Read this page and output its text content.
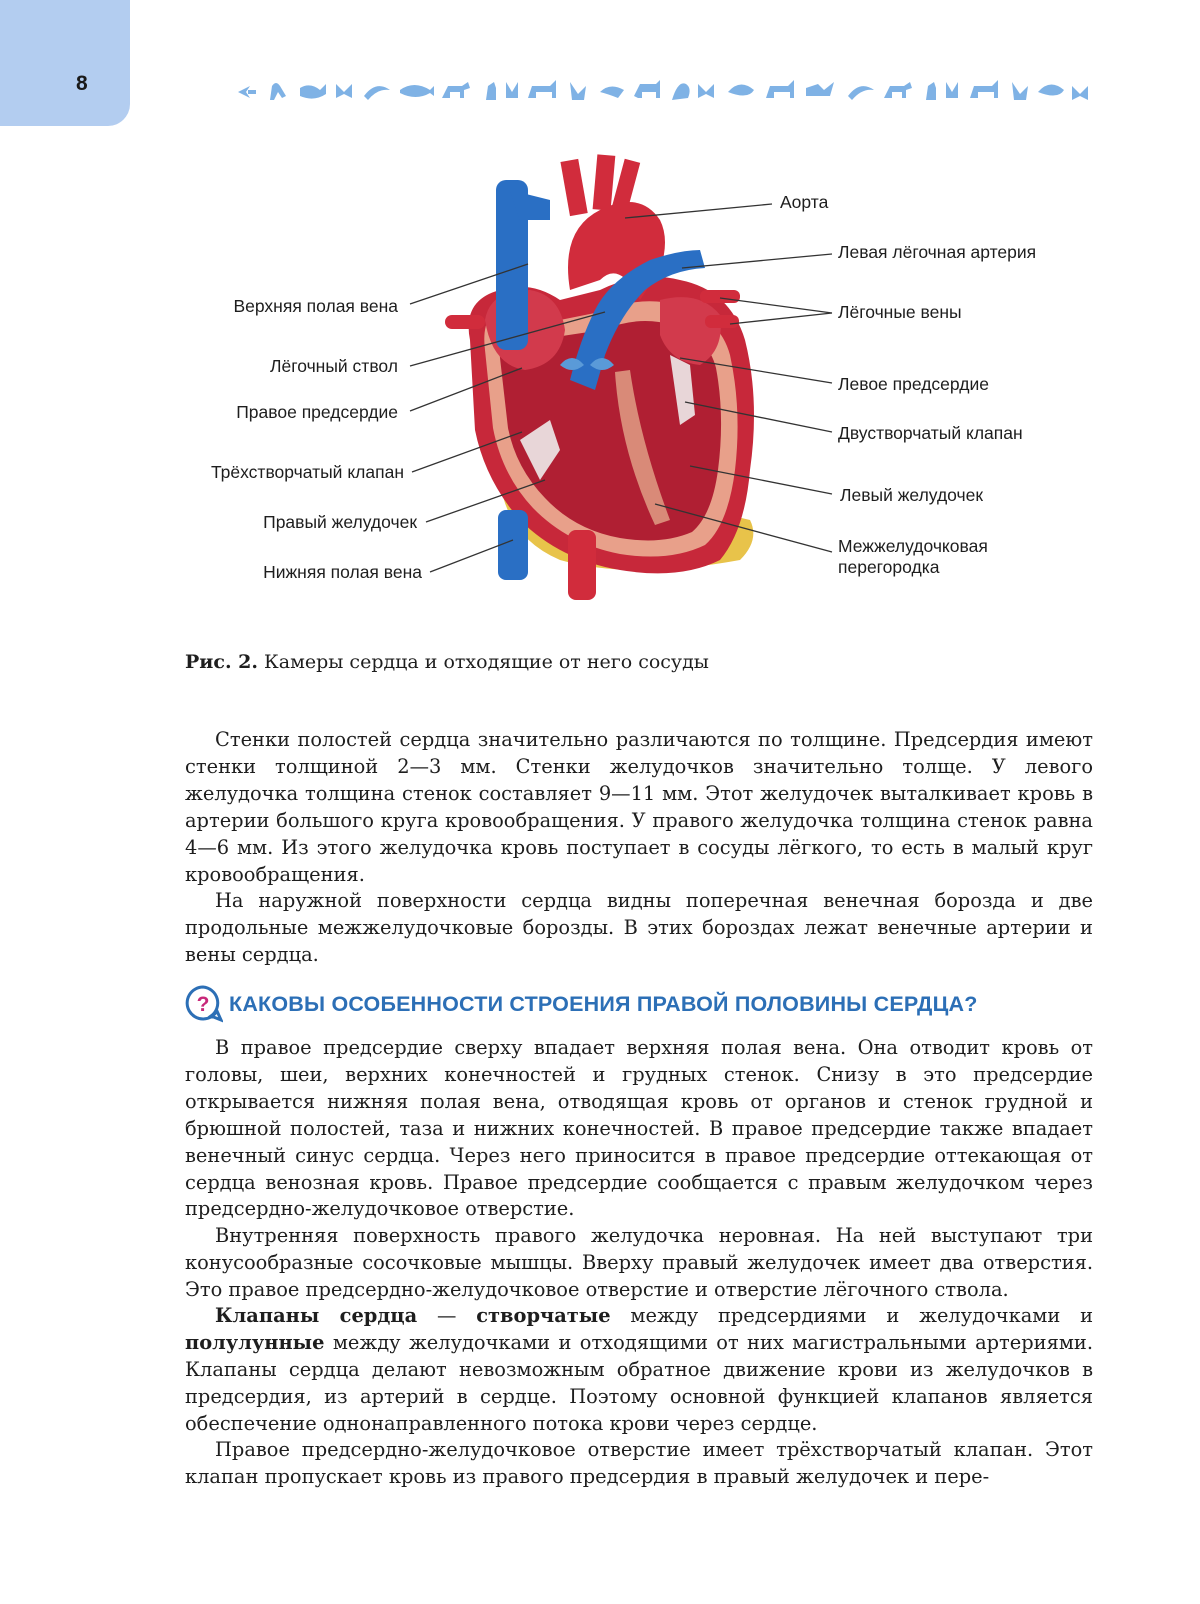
8
Аорта
Левая лёгочная артерия
Верхняя полая вена	Лёгочные вены
Лёгочный ствол
Левое предсердие
Правое предсердие
Двустворчатый клапан
Трёхстворчатый клапан
Левый желудочек
Правый желудочек
Межжелудочковая
перегородка
Нижняя полая вена
Рис. 2. Камеры сердца и отходящие от него сосуды

Стенки полостей сердца значительно различаются по толщине. Предсердия имеют стенки толщиной 2—3 мм. Стенки желудочков значительно толще. У левого желудочка толщина стенок составляет 9—11 мм. Этот желудочек выталкивает кровь в артерии большого круга кровообращения. У правого желудочка толщина стенок равна 4—6 мм. Из этого желудочка кровь поступает в сосуды лёгкого, то есть в малый круг кровообращения.

На наружной поверхности сердца видны поперечная венечная борозда и две продольные межжелудочковые борозды. В этих бороздах лежат венечные артерии и вены сердца.

? КАКОВЫ ОСОБЕННОСТИ СТРОЕНИЯ ПРАВОЙ ПОЛОВИНЫ СЕРДЦА?

В правое предсердие сверху впадает верхняя полая вена. Она отводит кровь от головы, шеи, верхних конечностей и грудных стенок. Снизу в это предсердие открывается нижняя полая вена, отводящая кровь от органов и стенок грудной и брюшной полостей, таза и нижних конечностей. В правое предсердие также впадает венечный синус сердца. Через него приносится в правое предсердие оттекающая от сердца венозная кровь. Правое предсердие сообщается с правым желудочком через предсердно-желудочковое отверстие.

Внутренняя поверхность правого желудочка неровная. На ней выступают три конусообразные сосочковые мышцы. Вверху правый желудочек имеет два отверстия. Это правое предсердно-желудочковое отверстие и отверстие лёгочного ствола.

Клапаны сердца — створчатые между предсердиями и желудочками и полулунные между желудочками и отходящими от них магистральными артериями. Клапаны сердца делают невозможным обратное движение крови из желудочков в предсердия, из артерий в сердце. Поэтому основной функцией клапанов является обеспечение однонаправленного потока крови через сердце.

Правое предсердно-желудочковое отверстие имеет трёхстворчатый клапан. Этот клапан пропускает кровь из правого предсердия в правый желудочек и пере-
